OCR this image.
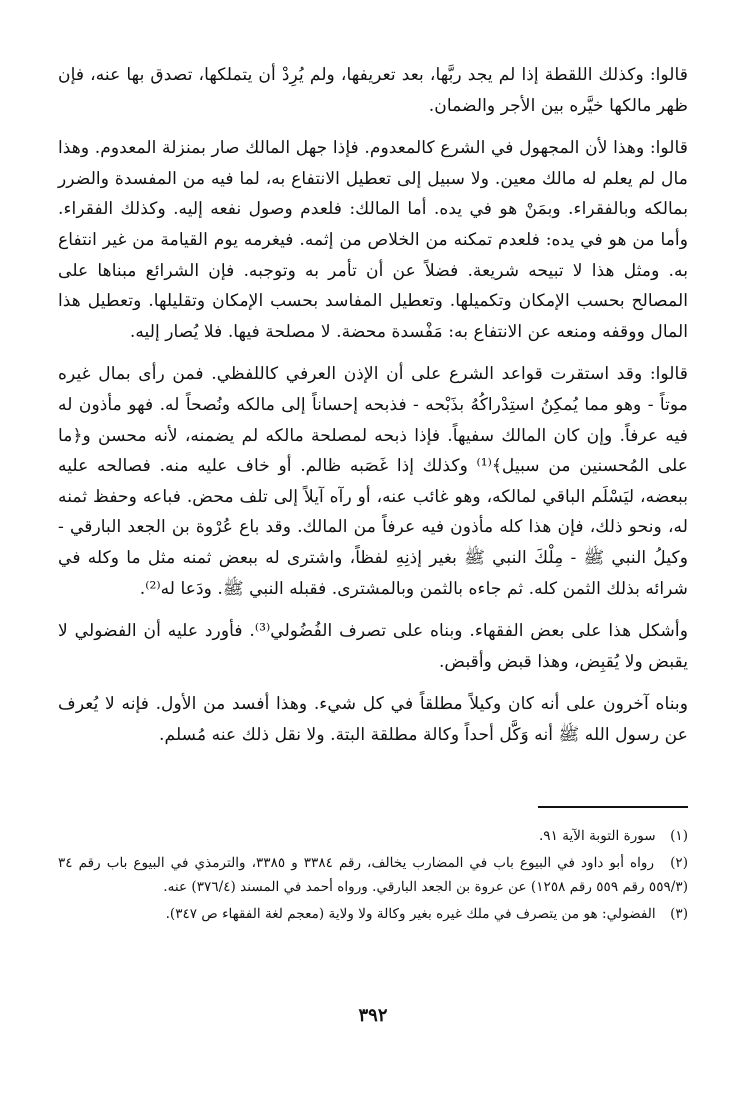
قالوا: وكذلك اللقطة إذا لم يجد ربَّها، بعد تعريفها، ولم يُرِدْ أن يتملكها، تصدق بها عنه، فإن ظهر مالكها خيَّره بين الأجر والضمان.

قالوا: وهذا لأن المجهول في الشرع كالمعدوم. فإذا جهل المالك صار بمنزلة المعدوم. وهذا مال لم يعلم له مالك معين. ولا سبيل إلى تعطيل الانتفاع به، لما فيه من المفسدة والضرر بمالكه وبالفقراء. وبمَنْ هو في يده. أما المالك: فلعدم وصول نفعه إليه. وكذلك الفقراء. وأما من هو في يده: فلعدم تمكنه من الخلاص من إثمه. فيغرمه يوم القيامة من غير انتفاع به. ومثل هذا لا تبيحه شريعة. فضلاً عن أن تأمر به وتوجبه. فإن الشرائع مبناها على المصالح بحسب الإمكان وتكميلها. وتعطيل المفاسد بحسب الإمكان وتقليلها. وتعطيل هذا المال ووقفه ومنعه عن الانتفاع به: مَفْسدة محضة. لا مصلحة فيها. فلا يُصار إليه.

قالوا: وقد استقرت قواعد الشرع على أن الإذن العرفي كاللفظي. فمن رأى بمال غيره موتاً - وهو مما يُمكِنُ استِدْراكُهُ بذَبْحه - فذبحه إحساناً إلى مالكه ونُصحاً له. فهو مأذون له فيه عرفاً. وإن كان المالك سفيهاً. فإذا ذبحه لمصلحة مالكه لم يضمنه، لأنه محسن و﴿ما على المُحسنين من سبيل﴾⁽¹⁾ وكذلك إذا غَصَبه ظالم. أو خاف عليه منه. فصالحه عليه ببعضه، ليَسْلَم الباقي لمالكه، وهو غائب عنه، أو رآه آيلاً إلى تلف محض. فباعه وحفظ ثمنه له، ونحو ذلك، فإن هذا كله مأذون فيه عرفاً من المالك. وقد باع عُرْوة بن الجعد البارقي - وكيلُ النبي ﷺ - مِلْكَ النبي ﷺ بغير إذنِهِ لفظاً، واشترى له ببعض ثمنه مثل ما وكله في شرائه بذلك الثمن كله. ثم جاءه بالثمن وبالمشترى. فقبله النبي ﷺ. ودَعا له⁽²⁾.

وأشكل هذا على بعض الفقهاء. وبناه على تصرف الفُضُولي⁽³⁾. فأورد عليه أن الفضولي لا يقبض ولا يُقبِض، وهذا قبض وأقبض.

وبناه آخرون على أنه كان وكيلاً مطلقاً في كل شيء. وهذا أفسد من الأول. فإنه لا يُعرف عن رسول الله ﷺ أنه وَكَّل أحداً وكالة مطلقة البتة. ولا نقل ذلك عنه مُسلم.

(١) سورة التوبة الآية ٩١.

(٢) رواه أبو داود في البيوع باب في المضارب يخالف، رقم ٣٣٨٤ و ٣٣٨٥، والترمذي في البيوع باب رقم ٣٤ (٥٥٩/٣ رقم ٥٥٩ رقم ١٢٥٨) عن عروة بن الجعد البارقي. ورواه أحمد في المسند (٣٧٦/٤) عنه.

(٣) الفضولي: هو من يتصرف في ملك غيره بغير وكالة ولا ولاية (معجم لغة الفقهاء ص ٣٤٧).

٣٩٢
